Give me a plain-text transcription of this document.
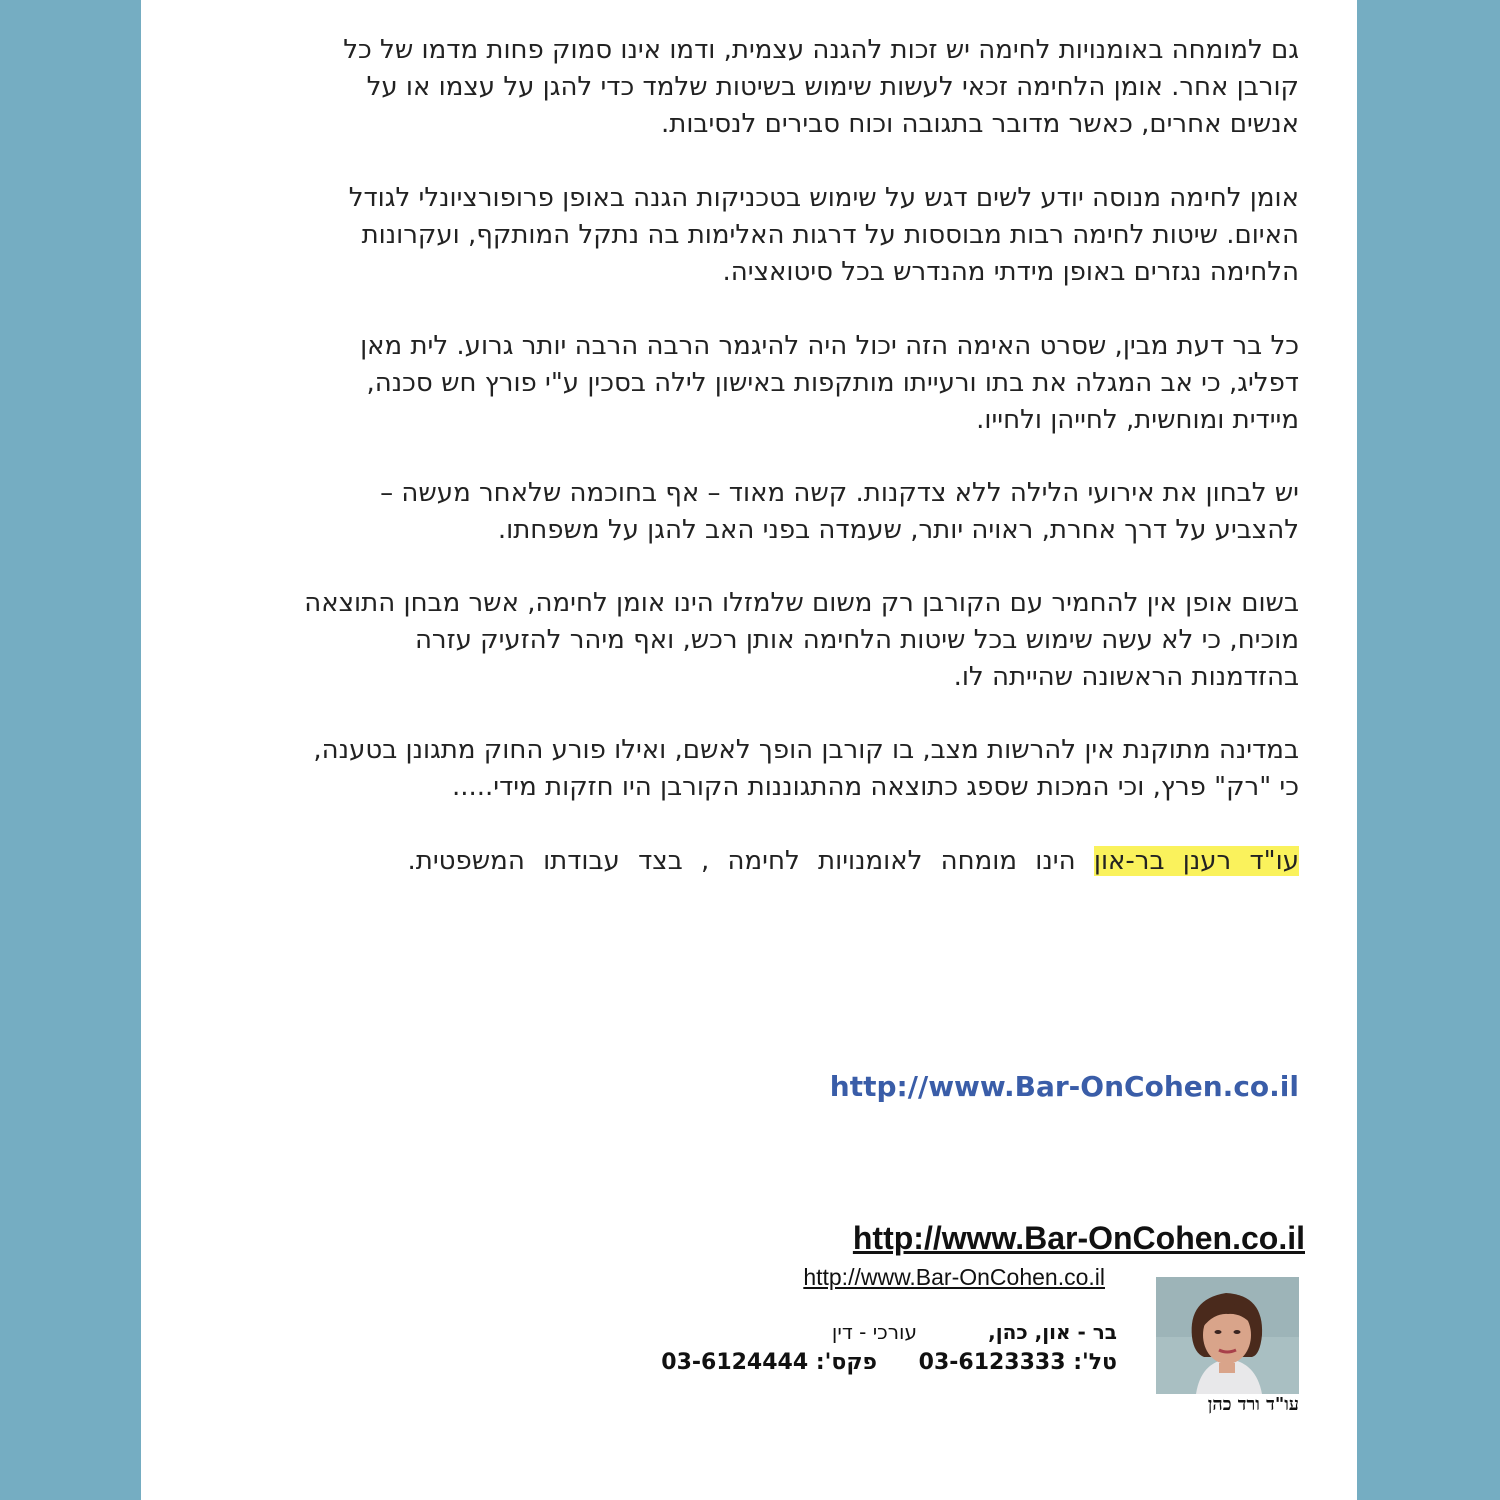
גם למומחה באומנויות לחימה יש זכות להגנה עצמית, ודמו אינו סמוק פחות מדמו של כל
קורבן אחר. אומן הלחימה זכאי לעשות שימוש בשיטות שלמד כדי להגן על עצמו או על
אנשים אחרים, כאשר מדובר בתגובה וכוח סבירים לנסיבות.
אומן לחימה מנוסה יודע לשים דגש על שימוש בטכניקות הגנה באופן פרופורציונלי לגודל
האיום. שיטות לחימה רבות מבוססות על דרגות האלימות בה נתקל המותקף, ועקרונות
הלחימה נגזרים באופן מידתי מהנדרש בכל סיטואציה.
כל בר דעת מבין, שסרט האימה הזה יכול היה להיגמר הרבה הרבה יותר גרוע. לית מאן
דפליג, כי אב המגלה את בתו ורעייתו מותקפות באישון לילה בסכין ע"י פורץ חש סכנה,
מיידית ומוחשית, לחייהן ולחייו.
יש לבחון את אירועי הלילה ללא צדקנות. קשה מאוד – אף בחוכמה שלאחר מעשה –
להצביע על דרך אחרת, ראויה יותר, שעמדה בפני האב להגן על משפחתו.
בשום אופן אין להחמיר עם הקורבן רק משום שלמזלו הינו אומן לחימה, אשר מבחן התוצאה
מוכיח, כי לא עשה שימוש בכל שיטות הלחימה אותן רכש, ואף מיהר להזעיק עזרה
בהזדמנות הראשונה שהייתה לו.
במדינה מתוקנת אין להרשות מצב, בו קורבן הופך לאשם, ואילו פורע החוק מתגונן בטענה,
כי "רק" פרץ, וכי המכות שספג כתוצאה מהתגוננות הקורבן היו חזקות מידי.....
עו"ד רענן בר-און הינו מומחה לאומנויות לחימה , בצד עבודתו המשפטית.
http://www.Bar-OnCohen.co.il
http://www.Bar-OnCohen.co.il
http://www.Bar-OnCohen.co.il
בר - און, כהן,
עורכי - דין
טל': 03-6123333
פקס': 03-6124444
עו"ד ורד כהן
